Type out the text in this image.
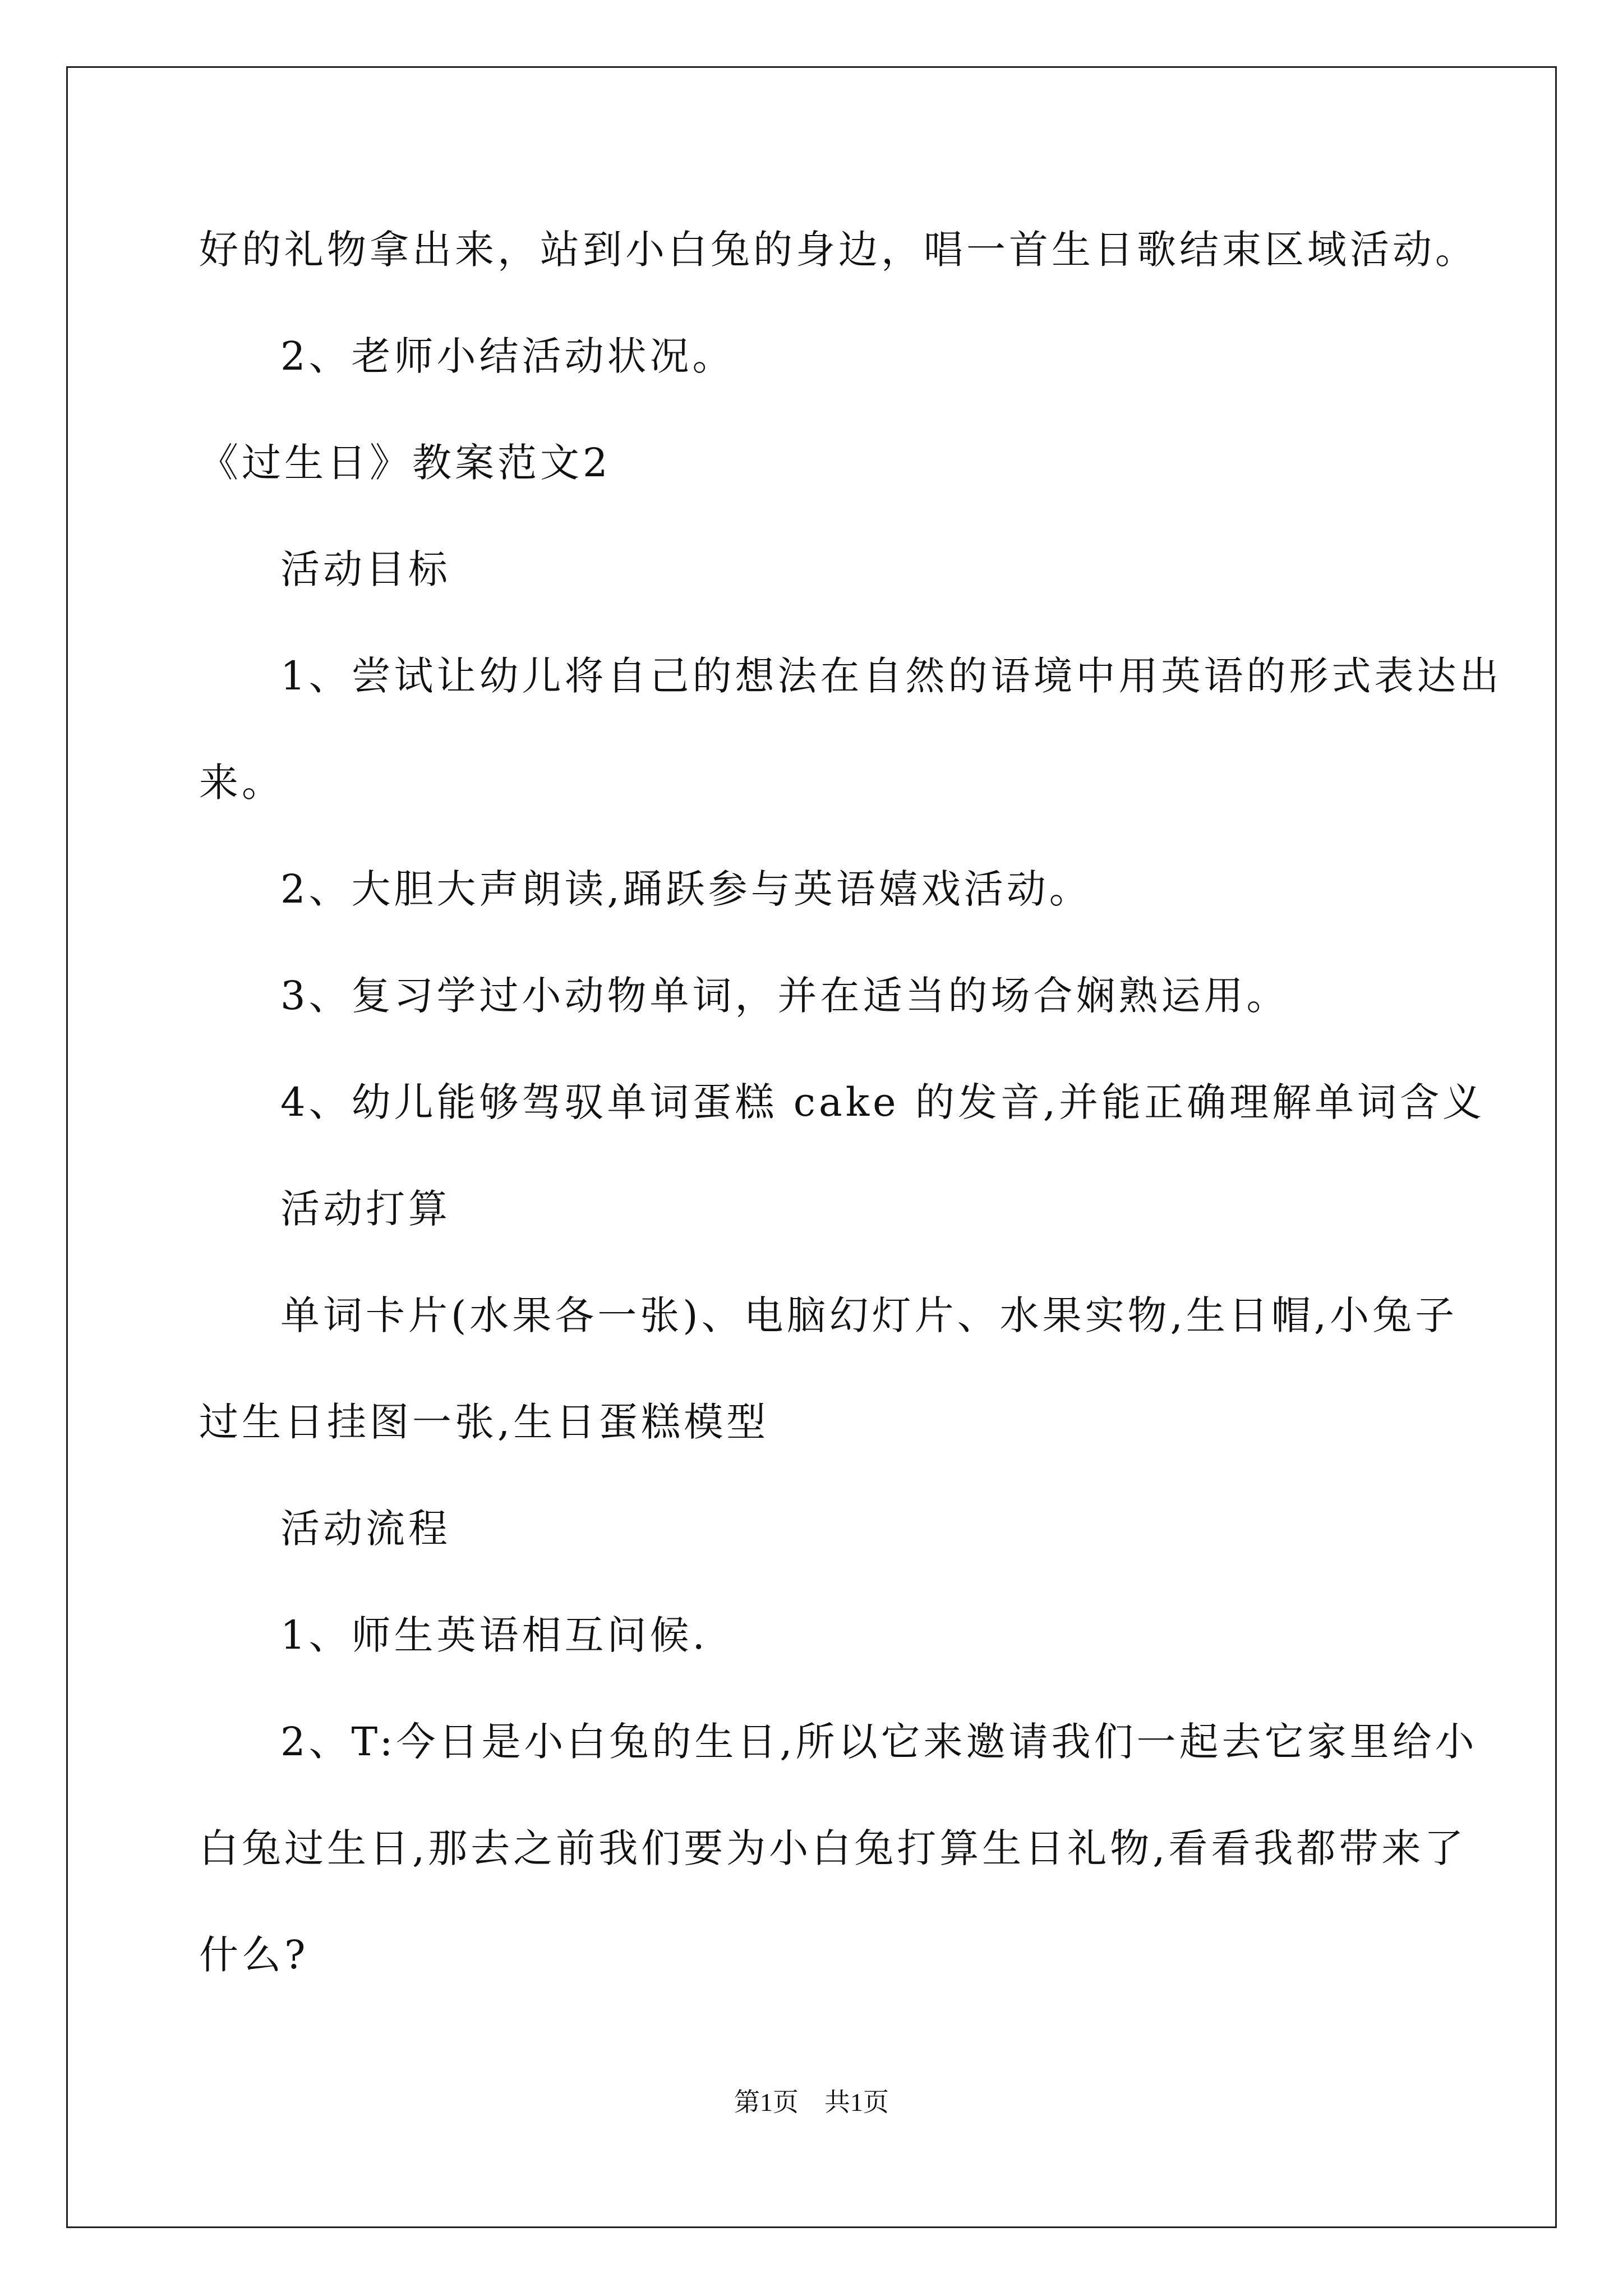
好的礼物拿出来，站到小白兔的身边，唱一首生日歌结束区域活动。
2、老师小结活动状况。
《过生日》教案范文2
活动目标
1、尝试让幼儿将自己的想法在自然的语境中用英语的形式表达出
来。
2、大胆大声朗读,踊跃参与英语嬉戏活动。
3、复习学过小动物单词，并在适当的场合娴熟运用。
4、幼儿能够驾驭单词蛋糕 cake 的发音,并能正确理解单词含义
活动打算
单词卡片(水果各一张)、电脑幻灯片、水果实物,生日帽,小兔子
过生日挂图一张,生日蛋糕模型
活动流程
1、师生英语相互问候.
2、T:今日是小白兔的生日,所以它来邀请我们一起去它家里给小
白兔过生日,那去之前我们要为小白兔打算生日礼物,看看我都带来了
什么?
第1页　共1页
